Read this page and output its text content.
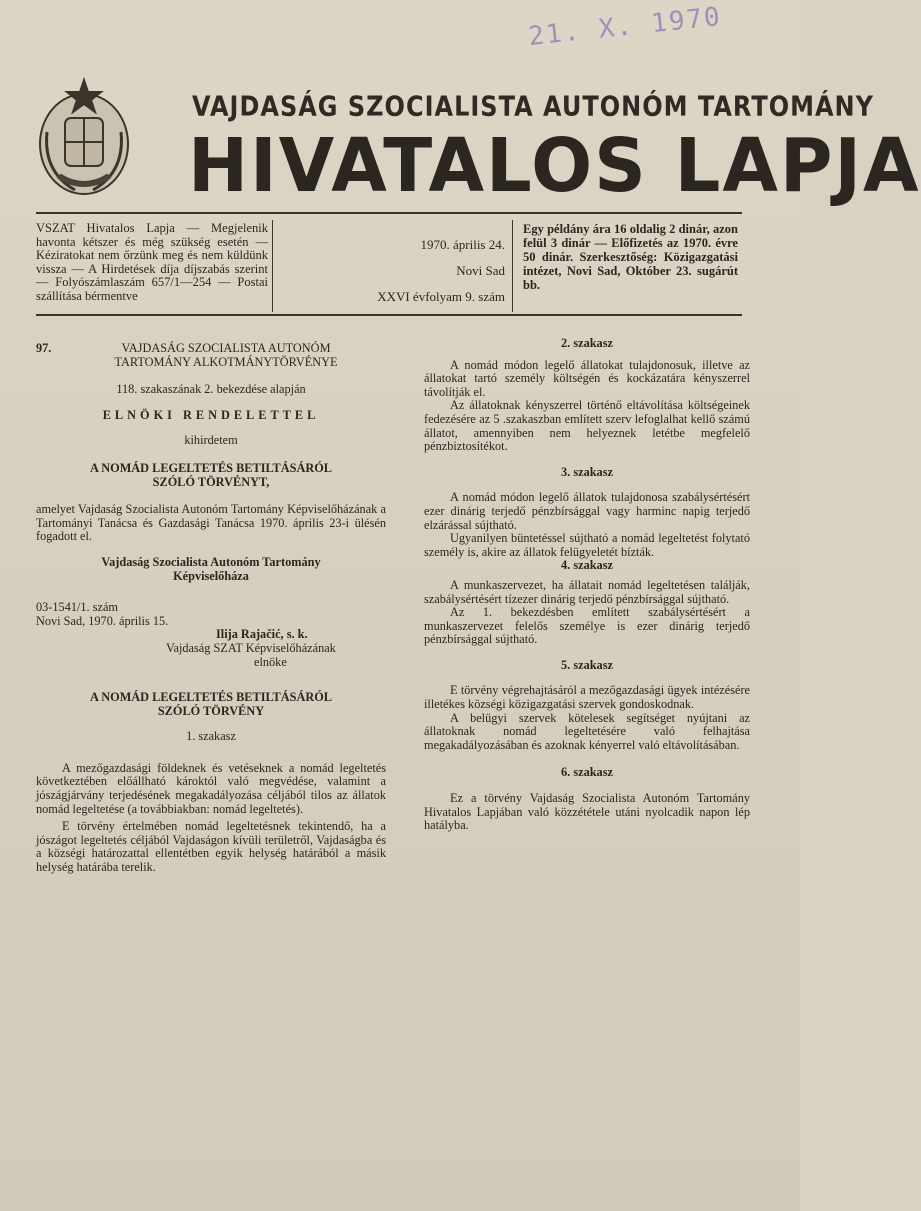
21. X. 1970
VAJDASÁG SZOCIALISTA AUTONÓM TARTOMÁNY
HIVATALOS LAPJA
VSZAT Hivatalos Lapja — Megjelenik havonta kétszer és még szükség esetén — Kéziratokat nem őrzünk meg és nem küldünk vissza — A Hirdetések díja díjszabás szerint — Folyószámlaszám 657/1—254 — Postai szállítása bérmentve
1970. április 24.
Novi Sad
XXVI évfolyam 9. szám
Egy példány ára 16 oldalig 2 dinár, azon felül 3 dinár — Előfizetés az 1970. évre 50 dinár. Szerkesztőség: Közigazgatási intézet, Novi Sad, Október 23. sugárút bb.
97.	VAJDASÁG SZOCIALISTA AUTONÓM

TARTOMÁNY ALKOTMÁNYTÖRVÉNYE

118. szakaszának 2. bekezdése alapján

ELNÖKI RENDELETTEL

kihirdetem

A NOMÁD LEGELTETÉS BETILTÁSÁRÓL

SZÓLÓ TÖRVÉNYT,

amelyet Vajdaság Szocialista Autonóm Tartomány Képviselőházának a Tartományi Tanácsa és Gazdasági Tanácsa 1970. április 23-i ülésén fogadott el.

Vajdaság Szocialista Autonóm Tartomány

Képviselőháza

03-1541/1. szám

Novi Sad, 1970. április 15.

Ilija Rajačić, s. k.

Vajdaság SZAT Képviselőházának

elnöke

A NOMÁD LEGELTETÉS BETILTÁSÁRÓL

SZÓLÓ TÖRVÉNY

1. szakasz

A mezőgazdasági földeknek és vetéseknek a nomád legeltetés következtében előállható károktól való megvédése, valamint a jószágjárvány terjedésének megakadályozása céljából tilos az állatok nomád legeltetése (a továbbiakban: nomád legeltetés).

E törvény értelmében nomád legeltetésnek tekintendő, ha a jószágot legeltetés céljából Vajdaságon kívüli területről, Vajdaságba és a községi határozattal ellentétben egyik helység határából a másik helység határába terelik.

2. szakasz

A nomád módon legelő állatokat tulajdonosuk, illetve az állatokat tartó személy költségén és kockázatára kényszerrel távolítják el.

Az állatoknak kényszerrel történő eltávolítása költségeinek fedezésére az 5 .szakaszban említett szerv lefoglalhat kellő számú állatot, amennyiben nem helyeznek letétbe megfelelő pénzbiztosítékot.

3. szakasz

A nomád módon legelő állatok tulajdonosa szabálysértésért ezer dinárig terjedő pénzbírsággal vagy harminc napig terjedő elzárással sújtható.

Ugyanilyen büntetéssel sújtható a nomád legeltetést folytató személy is, akire az állatok felügyeletét bízták.

4. szakasz

A munkaszervezet, ha állatait nomád legeltetésen találják, szabálysértésért tízezer dinárig terjedő pénzbírsággal sújtható.

Az 1. bekezdésben említett szabálysértésért a munkaszervezet felelős személye is ezer dinárig terjedő pénzbírsággal sújtható.

5. szakasz

E törvény végrehajtásáról a mezőgazdasági ügyek intézésére illetékes községi közigazgatási szervek gondoskodnak.

A belügyi szervek kötelesek segítséget nyújtani az állatoknak nomád legeltetésére való felhajtása megakadályozásában és azoknak kényerrel való eltávolításában.

6. szakasz

Ez a törvény Vajdaság Szocialista Autonóm Tartomány Hivatalos Lapjában való közzététele utáni nyolcadik napon lép hatályba.
